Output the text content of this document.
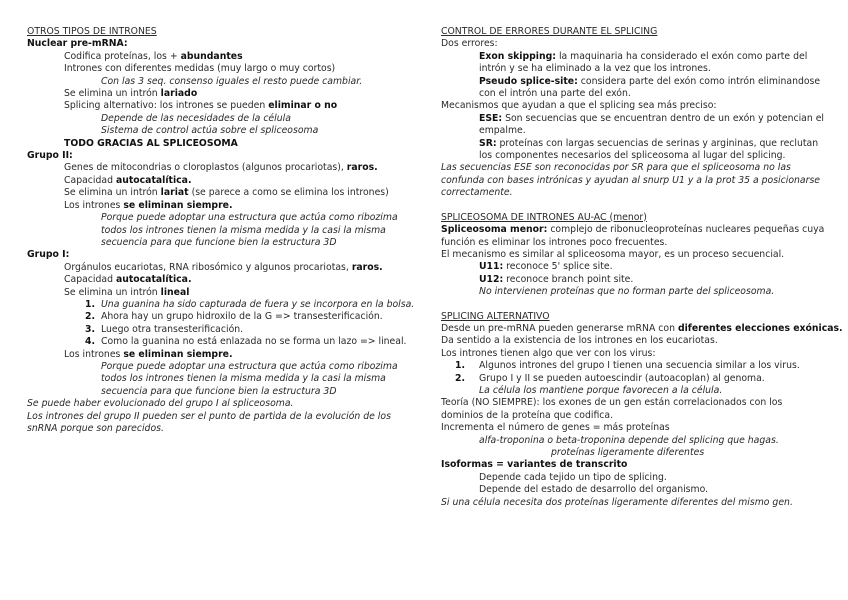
OTROS TIPOS DE INTRONES
Nuclear pre-mRNA:
Codifica proteínas, los + abundantes
Intrones con diferentes medidas (muy largo o muy cortos)
Con las 3 seq. consenso iguales el resto puede cambiar.
Se elimina un intrón lariado
Splicing alternativo: los intrones se pueden eliminar o no
Depende de las necesidades de la célula
Sistema de control actúa sobre el spliceosoma
TODO GRACIAS AL SPLICEOSOMA
Grupo II:
Genes de mitocondrias o cloroplastos (algunos procariotas), raros.
Capacidad autocatalítica.
Se elimina un intrón lariat (se parece a como se elimina los intrones)
Los intrones se eliminan siempre.
Porque puede adoptar una estructura que actúa como ribozima todos los intrones tienen la misma medida y la casi la misma secuencia para que funcione bien la estructura 3D
Grupo I:
Orgánulos eucariotas, RNA ribosómico y algunos procariotas, raros.
Capacidad autocatalítica.
Se elimina un intrón lineal
1. Una guanina ha sido capturada de fuera y se incorpora en la bolsa.
2. Ahora hay un grupo hidroxilo de la G => transesterificación.
3. Luego otra transesterificación.
4. Como la guanina no está enlazada no se forma un lazo => lineal.
Los intrones se eliminan siempre.
Porque puede adoptar una estructura que actúa como ribozima todos los intrones tienen la misma medida y la casi la misma secuencia para que funcione bien la estructura 3D
Se puede haber evolucionado del grupo I al spliceosoma.
Los intrones del grupo II pueden ser el punto de partida de la evolución de los snRNA porque son parecidos.
CONTROL DE ERRORES DURANTE EL SPLICING
Dos errores:
Exon skipping: la maquinaria ha considerado el exón como parte del intrón y se ha eliminado a la vez que los intrones.
Pseudo splice-site: considera parte del exón como intrón eliminandose con el intrón una parte del exón.
Mecanismos que ayudan a que el splicing sea más preciso:
ESE: Son secuencias que se encuentran dentro de un exón y potencian el empalme.
SR: proteínas con largas secuencias de serinas y argininas, que reclutan los componentes necesarios del spliceosoma al lugar del splicing.
Las secuencias ESE son reconocidas por SR para que el spliceosoma no las confunda con bases intrónicas y ayudan al snurp U1 y a la prot 35 a posicionarse correctamente.
SPLICEOSOMA DE INTRONES AU-AC (menor)
Spliceosoma menor: complejo de ribonucleoproteínas nucleares pequeñas cuya función es eliminar los intrones poco frecuentes.
El mecanismo es similar al spliceosoma mayor, es un proceso secuencial.
U11: reconoce 5' splice site.
U12: reconoce branch point site.
No intervienen proteínas que no forman parte del spliceosoma.
SPLICING ALTERNATIVO
Desde un pre-mRNA pueden generarse mRNA con diferentes elecciones exónicas.
Da sentido a la existencia de los intrones en los eucariotas.
Los intrones tienen algo que ver con los virus:
1.	Algunos intrones del grupo I tienen una secuencia similar a los virus.
2.	Grupo I y II se pueden autoescindir (autoacoplan) al genoma.
La célula los mantiene porque favorecen a la célula.
Teoría (NO SIEMPRE): los exones de un gen están correlacionados con los dominios de la proteína que codifica.
Incrementa el número de genes = más proteínas
alfa-troponina o beta-troponina depende del splicing que hagas.
proteínas ligeramente diferentes
Isoformas = variantes de transcrito
Depende cada tejido un tipo de splicing.
Depende del estado de desarrollo del organismo.
Si una célula necesita dos proteínas ligeramente diferentes del mismo gen.
